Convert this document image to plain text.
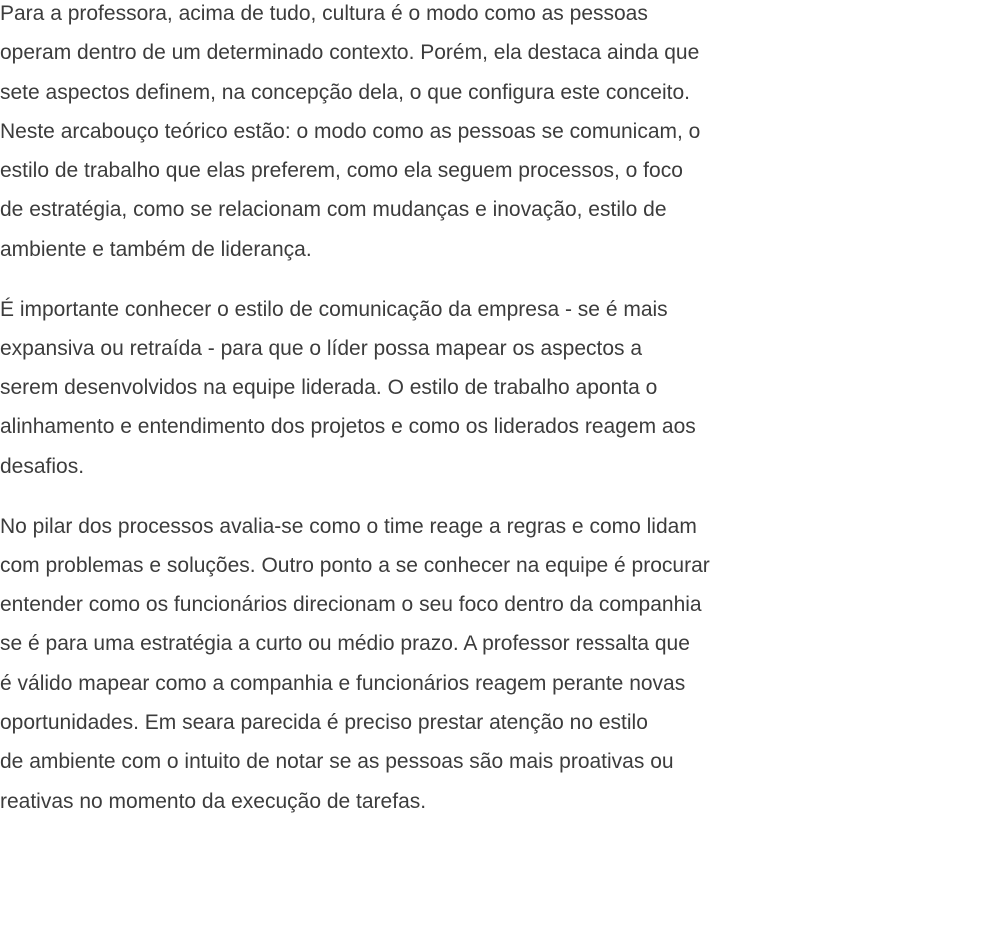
Para a professora, acima de tudo, cultura é o modo como as pessoas
operam dentro de um determinado contexto. Porém, ela destaca ainda que
sete aspectos definem, na concepção dela, o que configura este conceito.
Neste arcabouço teórico estão: o modo como as pessoas se comunicam, o
estilo de trabalho que elas preferem, como ela seguem processos, o foco
de estratégia, como se relacionam com mudanças e inovação, estilo de
ambiente e também de liderança.

É importante conhecer o estilo de comunicação da empresa - se é mais
expansiva ou retraída - para que o líder possa mapear os aspectos a
serem desenvolvidos na equipe liderada. O estilo de trabalho aponta o
alinhamento e entendimento dos projetos e como os liderados reagem aos
desafios.

No pilar dos processos avalia-se como o time reage a regras e como lidam
com problemas e soluções. Outro ponto a se conhecer na equipe é procurar
entender como os funcionários direcionam o seu foco dentro da companhia
se é para uma estratégia a curto ou médio prazo. A professor ressalta que
é válido mapear como a companhia e funcionários reagem perante novas
oportunidades. Em seara parecida é preciso prestar atenção no estilo
de ambiente com o intuito de notar se as pessoas são mais proativas ou
reativas no momento da execução de tarefas.
